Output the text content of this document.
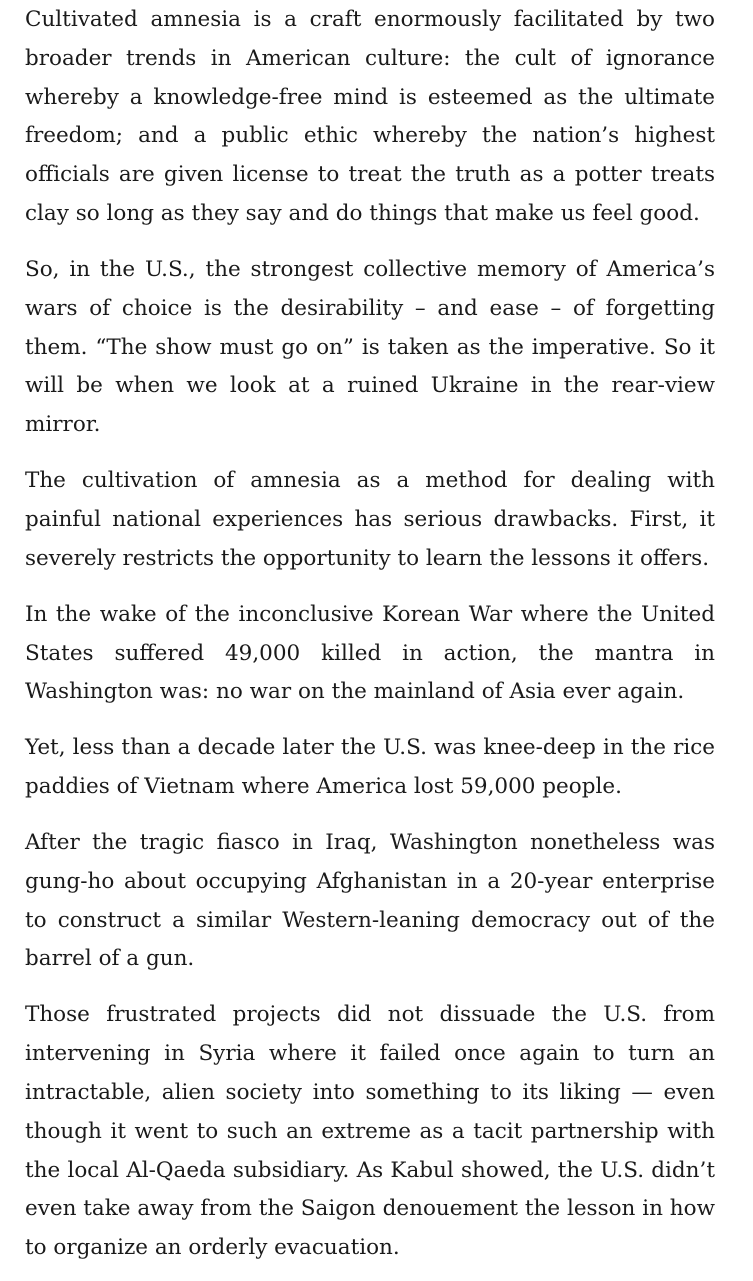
Cultivated amnesia is a craft enormously facilitated by two broader trends in American culture: the cult of ignorance whereby a knowledge-free mind is esteemed as the ultimate freedom; and a public ethic whereby the nation’s highest officials are given license to treat the truth as a potter treats clay so long as they say and do things that make us feel good.

So, in the U.S., the strongest collective memory of America’s wars of choice is the desirability – and ease – of forgetting them. “The show must go on” is taken as the imperative. So it will be when we look at a ruined Ukraine in the rear-view mirror.

The cultivation of amnesia as a method for dealing with painful national experiences has serious drawbacks. First, it severely restricts the opportunity to learn the lessons it offers.

In the wake of the inconclusive Korean War where the United States suffered 49,000 killed in action, the mantra in Washington was: no war on the mainland of Asia ever again.

Yet, less than a decade later the U.S. was knee-deep in the rice paddies of Vietnam where America lost 59,000 people.

After the tragic fiasco in Iraq, Washington nonetheless was gung-ho about occupying Afghanistan in a 20-year enterprise to construct a similar Western-leaning democracy out of the barrel of a gun.

Those frustrated projects did not dissuade the U.S. from intervening in Syria where it failed once again to turn an intractable, alien society into something to its liking — even though it went to such an extreme as a tacit partnership with the local Al-Qaeda subsidiary. As Kabul showed, the U.S. didn’t even take away from the Saigon denouement the lesson in how to organize an orderly evacuation.
